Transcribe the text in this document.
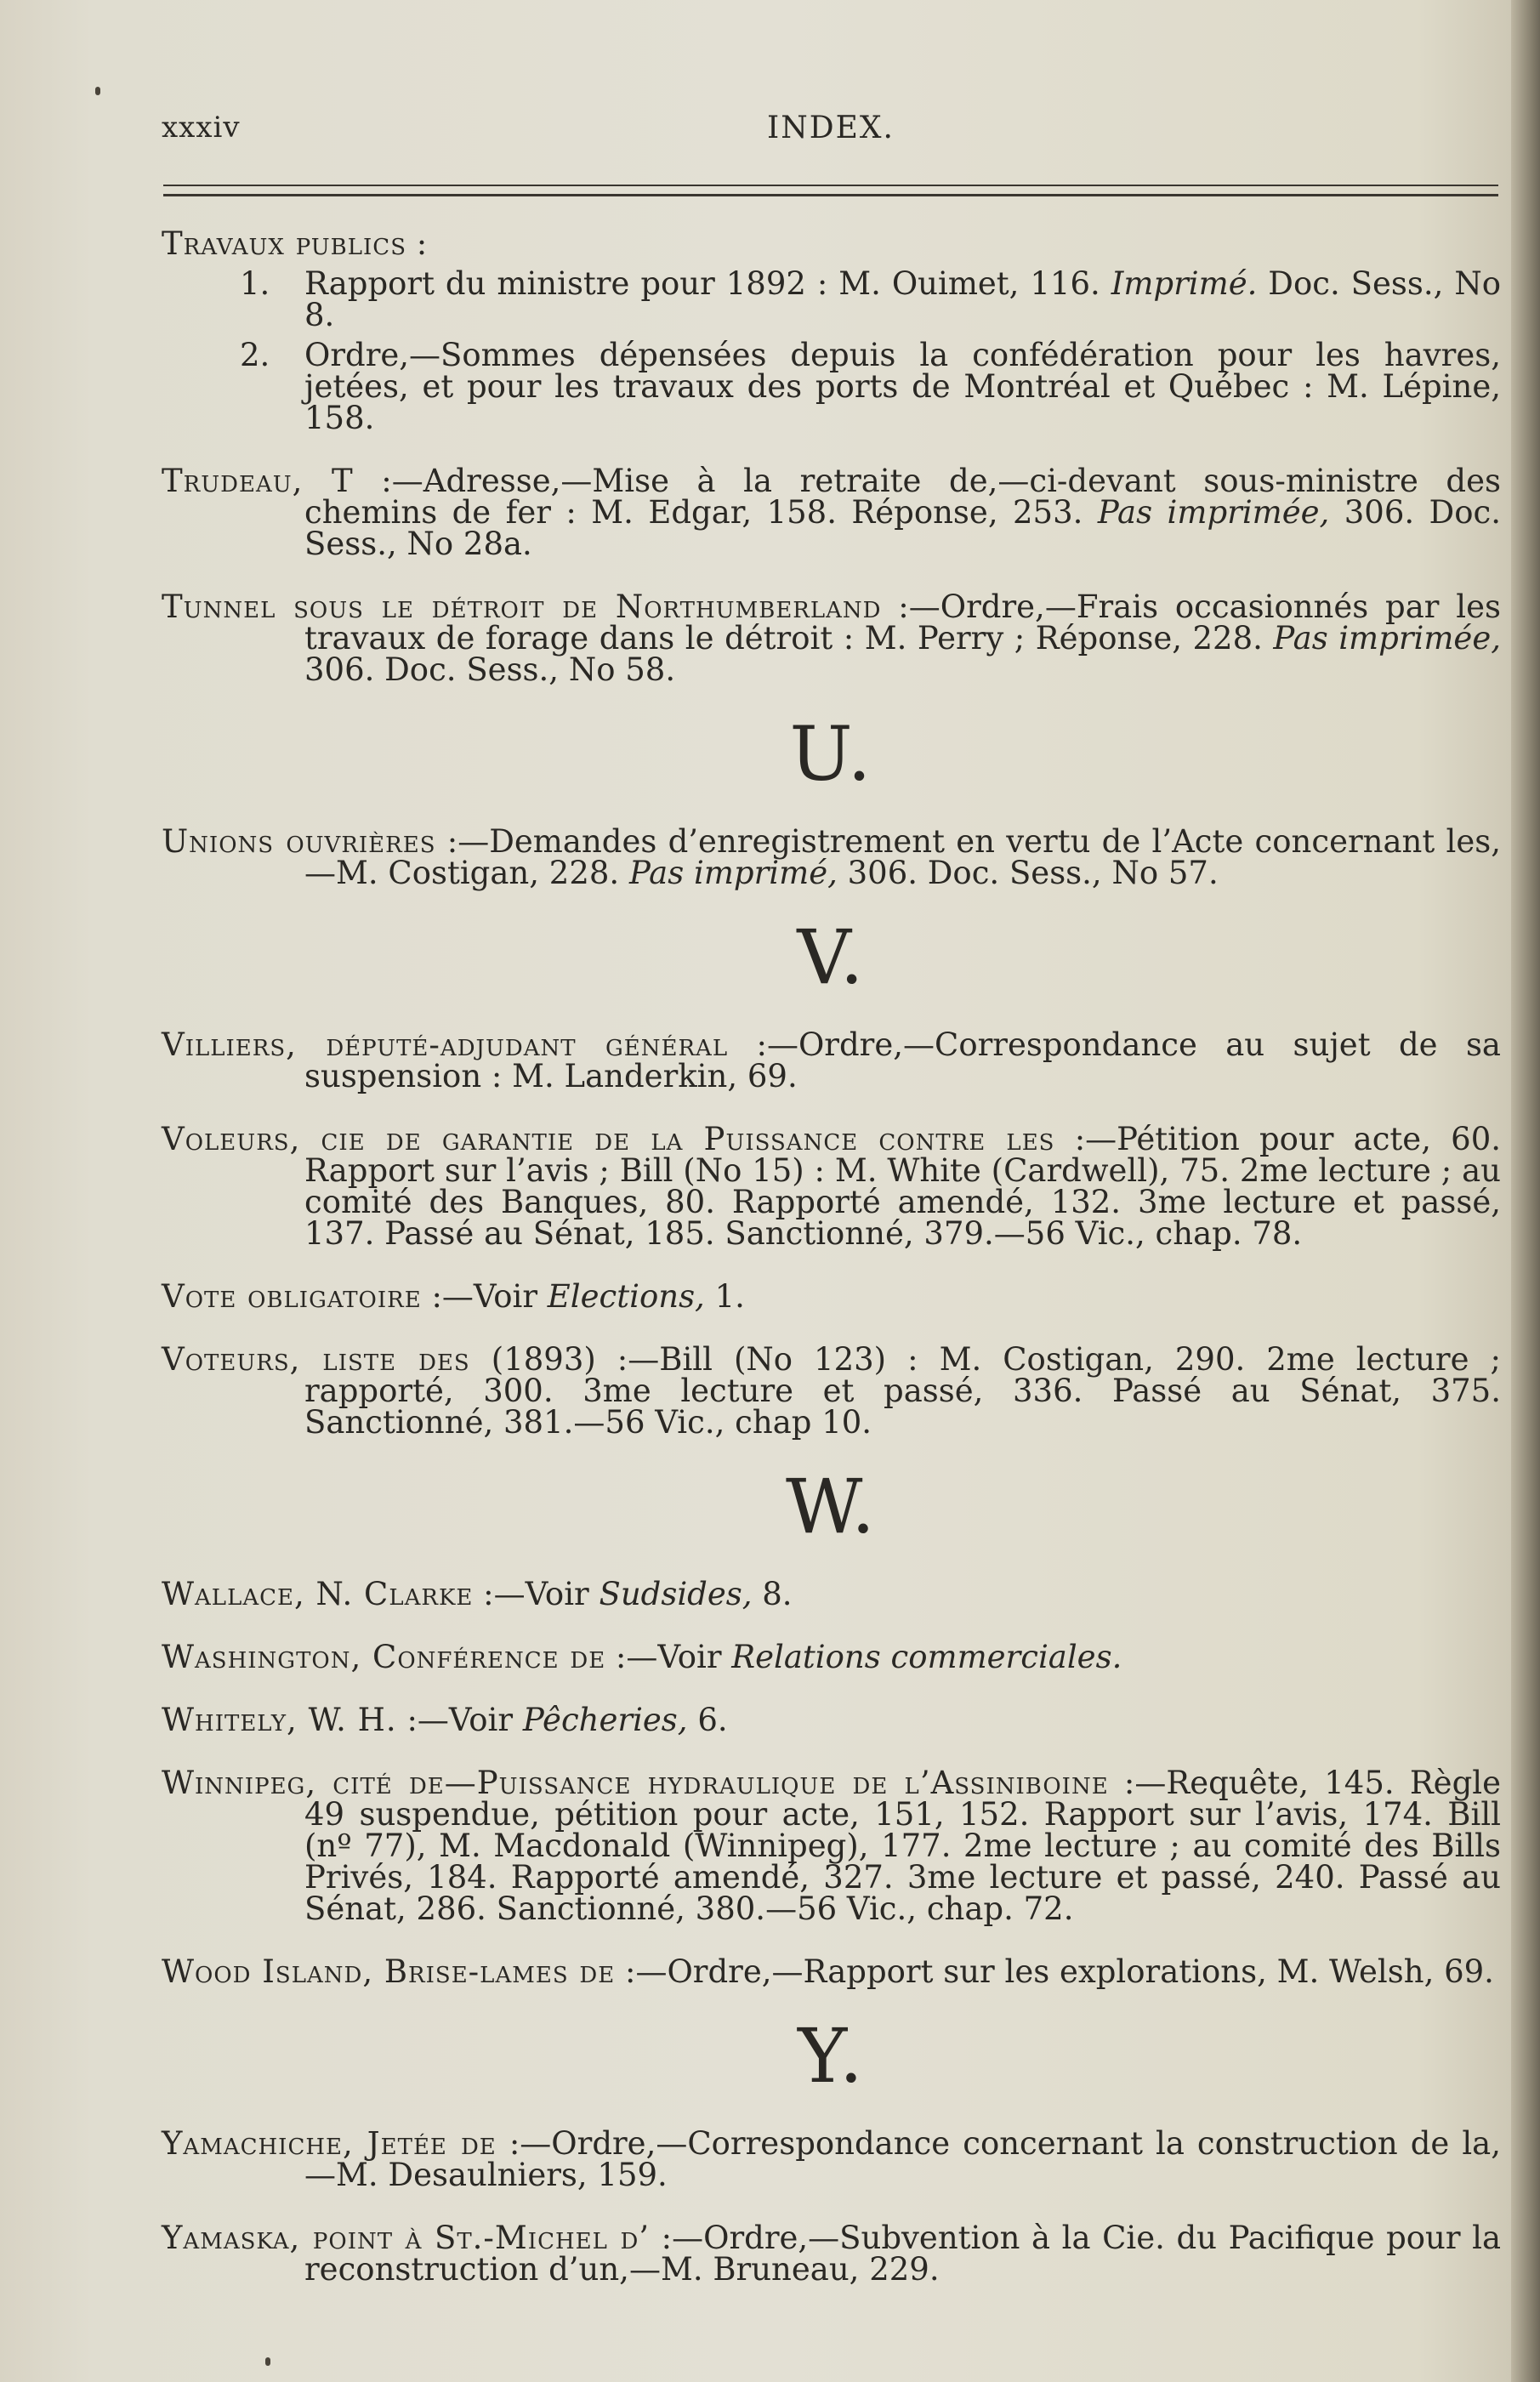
xxxiv	INDEX.
Travaux publics :
1. Rapport du ministre pour 1892 : M. Ouimet, 116. Imprimé. Doc. Sess., No 8.
2. Ordre,—Sommes dépensées depuis la confédération pour les havres, jetées, et pour les travaux des ports de Montréal et Québec : M. Lépine, 158.
Trudeau, T :—Adresse,—Mise à la retraite de,—ci-devant sous-ministre des chemins de fer : M. Edgar, 158. Réponse, 253. Pas imprimée, 306. Doc. Sess., No 28a.
Tunnel sous le détroit de Northumberland :—Ordre,—Frais occasionnés par les travaux de forage dans le détroit : M. Perry ; Réponse, 228. Pas imprimée, 306. Doc. Sess., No 58.
U.
Unions ouvrières :—Demandes d’enregistrement en vertu de l’Acte concernant les,—M. Costigan, 228. Pas imprimé, 306. Doc. Sess., No 57.
V.
Villiers, député-adjudant général :—Ordre,—Correspondance au sujet de sa suspension : M. Landerkin, 69.
Voleurs, cie de garantie de la Puissance contre les :—Pétition pour acte, 60. Rapport sur l’avis ; Bill (No 15) : M. White (Cardwell), 75. 2me lecture ; au comité des Banques, 80. Rapporté amendé, 132. 3me lecture et passé, 137. Passé au Sénat, 185. Sanctionné, 379.—56 Vic., chap. 78.
Vote obligatoire :—Voir Elections, 1.
Voteurs, liste des (1893) :—Bill (No 123) : M. Costigan, 290. 2me lecture ; rapporté, 300. 3me lecture et passé, 336. Passé au Sénat, 375. Sanctionné, 381.—56 Vic., chap 10.
W.
Wallace, N. Clarke :—Voir Sudsides, 8.
Washington, Conférence de :—Voir Relations commerciales.
Whitely, W. H. :—Voir Pêcheries, 6.
Winnipeg, cité de—Puissance hydraulique de l’Assiniboine :—Requête, 145. Règle 49 suspendue, pétition pour acte, 151, 152. Rapport sur l’avis, 174. Bill (nº 77), M. Macdonald (Winnipeg), 177. 2me lecture ; au comité des Bills Privés, 184. Rapporté amendé, 327. 3me lecture et passé, 240. Passé au Sénat, 286. Sanctionné, 380.—56 Vic., chap. 72.
Wood Island, Brise-lames de :—Ordre,—Rapport sur les explorations, M. Welsh, 69.
Y.
Yamachiche, Jetée de :—Ordre,—Correspondance concernant la construction de la,—M. Desaulniers, 159.
Yamaska, point à St.-Michel d’ :—Ordre,—Subvention à la Cie. du Pacifique pour la reconstruction d’un,—M. Bruneau, 229.
